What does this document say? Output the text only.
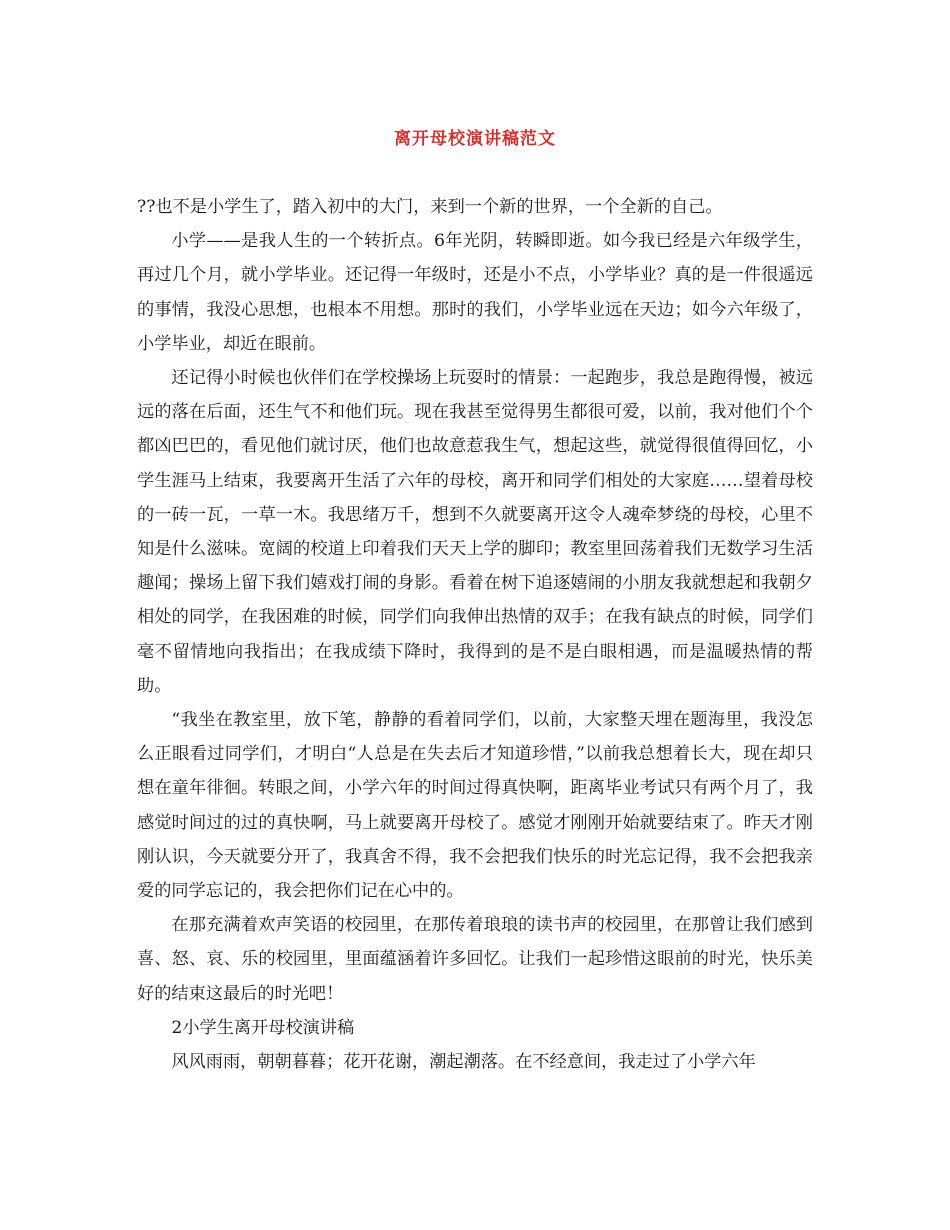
离开母校演讲稿范文

??也不是小学生了，踏入初中的大门，来到一个新的世界，一个全新的自己。

小学——是我人生的一个转折点。6年光阴，转瞬即逝。如今我已经是六年级学生，再过几个月，就小学毕业。还记得一年级时，还是小不点，小学毕业？真的是一件很遥远的事情，我没心思想，也根本不用想。那时的我们，小学毕业远在天边；如今六年级了，小学毕业，却近在眼前。

还记得小时候也伙伴们在学校操场上玩耍时的情景：一起跑步，我总是跑得慢，被远远的落在后面，还生气不和他们玩。现在我甚至觉得男生都很可爱，以前，我对他们个个都凶巴巴的，看见他们就讨厌，他们也故意惹我生气，想起这些，就觉得很值得回忆，小学生涯马上结束，我要离开生活了六年的母校，离开和同学们相处的大家庭……望着母校的一砖一瓦，一草一木。我思绪万千，想到不久就要离开这令人魂牵梦绕的母校，心里不知是什么滋味。宽阔的校道上印着我们天天上学的脚印；教室里回荡着我们无数学习生活趣闻；操场上留下我们嬉戏打闹的身影。看着在树下追逐嬉闹的小朋友我就想起和我朝夕相处的同学，在我困难的时候，同学们向我伸出热情的双手；在我有缺点的时候，同学们毫不留情地向我指出；在我成绩下降时，我得到的是不是白眼相遇，而是温暖热情的帮助。

“我坐在教室里，放下笔，静静的看着同学们，以前，大家整天埋在题海里，我没怎么正眼看过同学们，才明白“人总是在失去后才知道珍惜，”以前我总想着长大，现在却只想在童年徘徊。转眼之间，小学六年的时间过得真快啊，距离毕业考试只有两个月了，我感觉时间过的过的真快啊，马上就要离开母校了。感觉才刚刚开始就要结束了。昨天才刚刚认识，今天就要分开了，我真舍不得，我不会把我们快乐的时光忘记得，我不会把我亲爱的同学忘记的，我会把你们记在心中的。

在那充满着欢声笑语的校园里，在那传着琅琅的读书声的校园里，在那曾让我们感到喜、怒、哀、乐的校园里，里面蕴涵着许多回忆。让我们一起珍惜这眼前的时光，快乐美好的结束这最后的时光吧！

2小学生离开母校演讲稿

风风雨雨，朝朝暮暮；花开花谢，潮起潮落。在不经意间，我走过了小学六年
